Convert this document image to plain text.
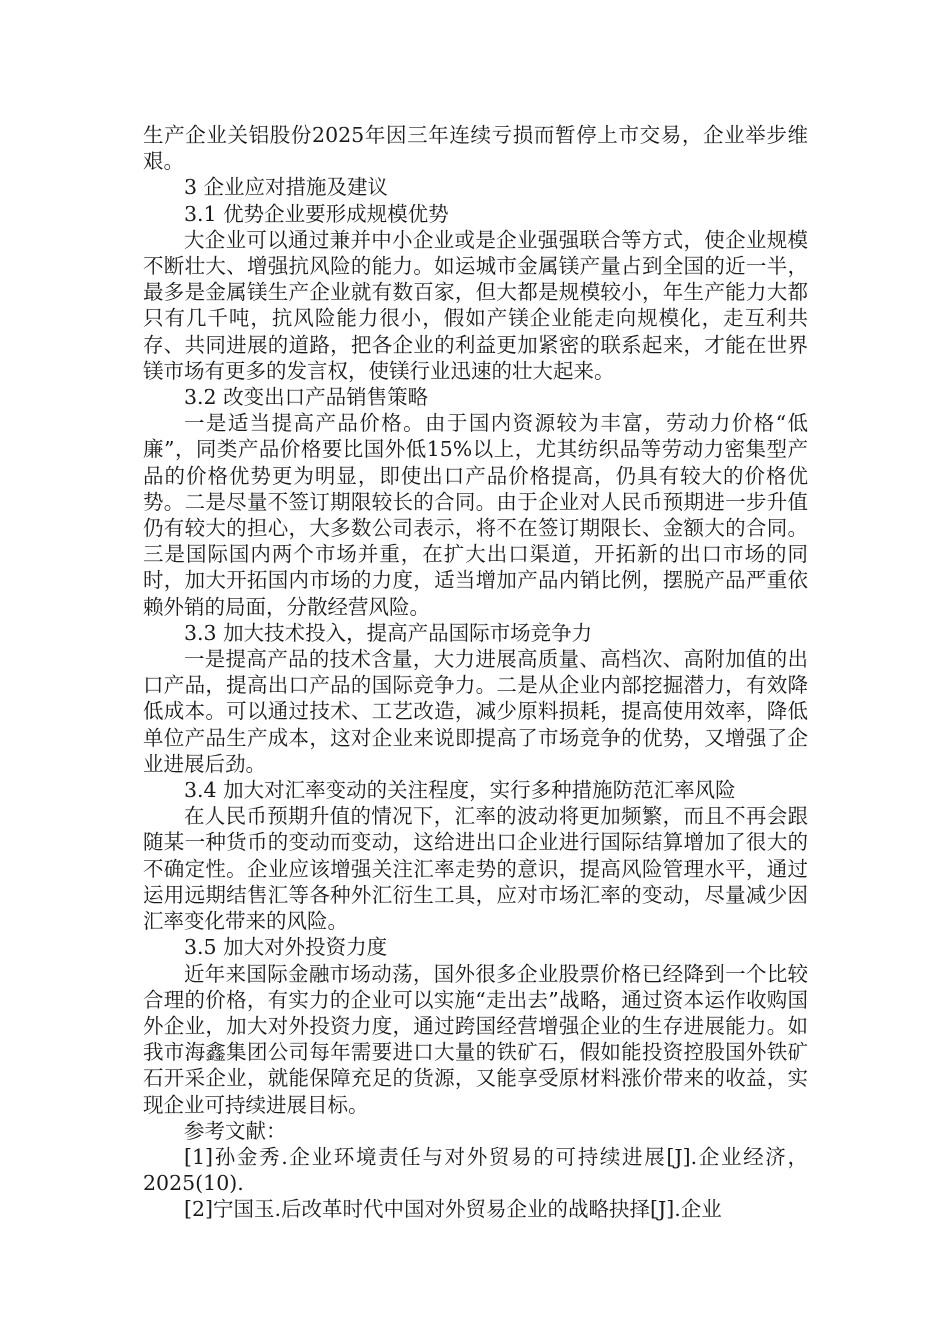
生产企业关铝股份2025年因三年连续亏损而暂停上市交易，企业举步维艰。

3 企业应对措施及建议

3.1 优势企业要形成规模优势

大企业可以通过兼并中小企业或是企业强强联合等方式，使企业规模不断壮大、增强抗风险的能力。如运城市金属镁产量占到全国的近一半，最多是金属镁生产企业就有数百家，但大都是规模较小，年生产能力大都只有几千吨，抗风险能力很小，假如产镁企业能走向规模化，走互利共存、共同进展的道路，把各企业的利益更加紧密的联系起来，才能在世界镁市场有更多的发言权，使镁行业迅速的壮大起来。

3.2 改变出口产品销售策略

一是适当提高产品价格。由于国内资源较为丰富，劳动力价格“低廉”，同类产品价格要比国外低15%以上，尤其纺织品等劳动力密集型产品的价格优势更为明显，即使出口产品价格提高，仍具有较大的价格优势。二是尽量不签订期限较长的合同。由于企业对人民币预期进一步升值仍有较大的担心，大多数公司表示，将不在签订期限长、金额大的合同。三是国际国内两个市场并重，在扩大出口渠道，开拓新的出口市场的同时，加大开拓国内市场的力度，适当增加产品内销比例，摆脱产品严重依赖外销的局面，分散经营风险。

3.3 加大技术投入，提高产品国际市场竞争力

一是提高产品的技术含量，大力进展高质量、高档次、高附加值的出口产品，提高出口产品的国际竞争力。二是从企业内部挖掘潜力，有效降低成本。可以通过技术、工艺改造，减少原料损耗，提高使用效率，降低单位产品生产成本，这对企业来说即提高了市场竞争的优势，又增强了企业进展后劲。

3.4 加大对汇率变动的关注程度，实行多种措施防范汇率风险

在人民币预期升值的情况下，汇率的波动将更加频繁，而且不再会跟随某一种货币的变动而变动，这给进出口企业进行国际结算增加了很大的不确定性。企业应该增强关注汇率走势的意识，提高风险管理水平，通过运用远期结售汇等各种外汇衍生工具，应对市场汇率的变动，尽量减少因汇率变化带来的风险。

3.5 加大对外投资力度

近年来国际金融市场动荡，国外很多企业股票价格已经降到一个比较合理的价格，有实力的企业可以实施“走出去”战略，通过资本运作收购国外企业，加大对外投资力度，通过跨国经营增强企业的生存进展能力。如我市海鑫集团公司每年需要进口大量的铁矿石，假如能投资控股国外铁矿石开采企业，就能保障充足的货源，又能享受原材料涨价带来的收益，实现企业可持续进展目标。

参考文献：

[1]孙金秀.企业环境责任与对外贸易的可持续进展[J].企业经济，2025(10).

[2]宁国玉.后改革时代中国对外贸易企业的战略抉择[J].企业
